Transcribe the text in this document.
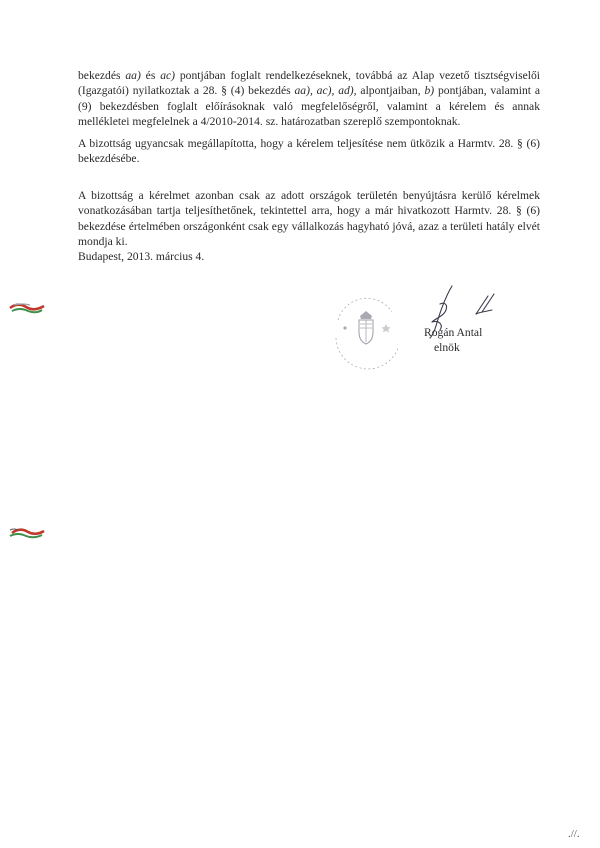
bekezdés aa) és ac) pontjában foglalt rendelkezéseknek, továbbá az Alap vezető tisztségviselői (Igazgatói) nyilatkoztak a 28. § (4) bekezdés aa), ac), ad), alpontjaiban, b) pontjában, valamint a (9) bekezdésben foglalt előírásoknak való megfelelőségről, valamint a kérelem és annak mellékletei megfelelnek a 4/2010-2014. sz. határozatban szereplő szempontoknak.

A bizottság ugyancsak megállapította, hogy a kérelem teljesítése nem ütközik a Harmtv. 28. § (6) bekezdésébe.

A bizottság a kérelmet azonban csak az adott országok területén benyújtásra kerülő kérelmek vonatkozásában tartja teljesíthetőnek, tekintettel arra, hogy a már hivatkozott Harmtv. 28. § (6) bekezdése értelmében országonként csak egy vállalkozás hagyható jóvá, azaz a területi hatály elvét mondja ki.

Budapest, 2013. március 4.
Rogán Antal
elnök
.//.
